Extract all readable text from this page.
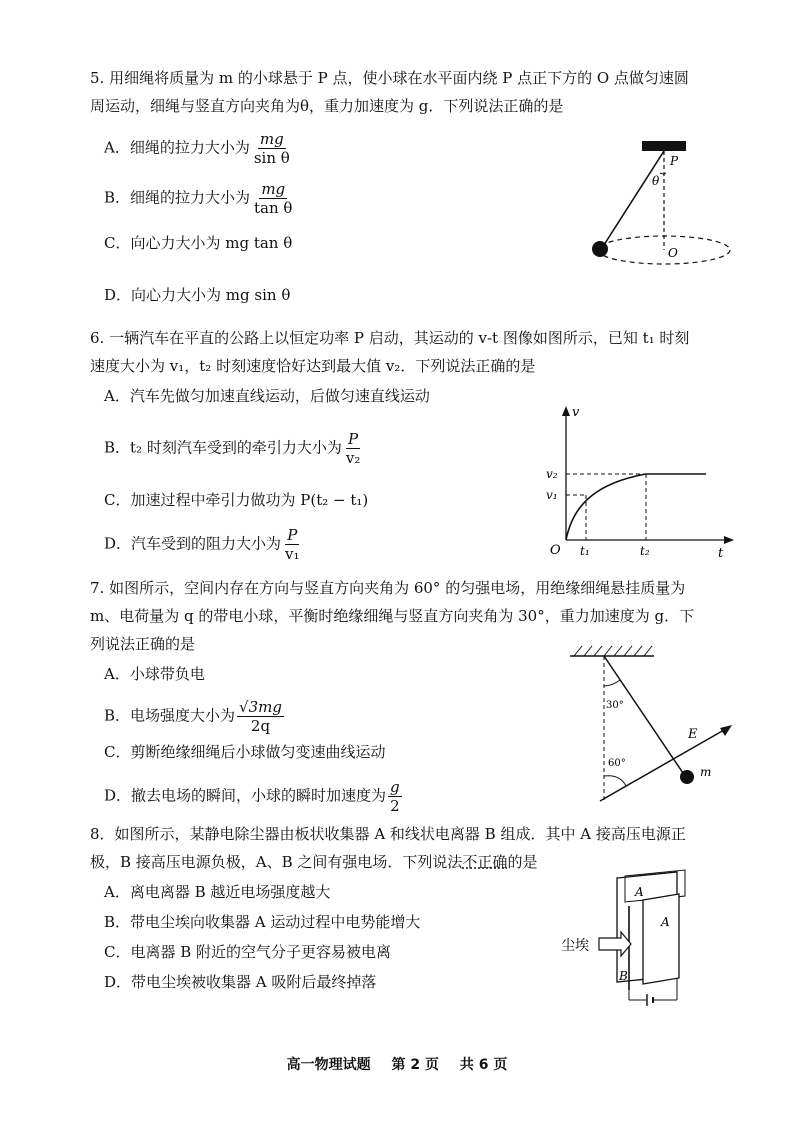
5. 用细绳将质量为 m 的小球悬于 P 点，使小球在水平面内绕 P 点正下方的 O 点做匀速圆
周运动，细绳与竖直方向夹角为θ，重力加速度为 g．下列说法正确的是
A．细绳的拉力大小为 $\frac{mg}{\text{sin θ}}$
B．细绳的拉力大小为 $\frac{mg}{\text{tan θ}}$
C．向心力大小为 mg tan θ
D．向心力大小为 mg sin θ
P
θ
O
6. 一辆汽车在平直的公路上以恒定功率 P 启动，其运动的 v-t 图像如图所示，已知 t₁ 时刻
速度大小为 v₁，t₂ 时刻速度恰好达到最大值 v₂．下列说法正确的是
A．汽车先做匀加速直线运动，后做匀速直线运动
B．t₂ 时刻汽车受到的牵引力大小为 $\frac{P}{\text{v₂}}$
C．加速过程中牵引力做功为 P(t₂ − t₁)
D．汽车受到的阻力大小为 $\frac{P}{\text{v₁}}$
v
v₂
v₁
O t₁	t₂	t
7. 如图所示，空间内存在方向与竖直方向夹角为 60° 的匀强电场，用绝缘细绳悬挂质量为
m、电荷量为 q 的带电小球，平衡时绝缘细绳与竖直方向夹角为 30°，重力加速度为 g．下
列说法正确的是
A．小球带负电
B．电场强度大小为 $\frac{√3mg}{2q}$
C．剪断绝缘细绳后小球做匀变速曲线运动
D．撤去电场的瞬间，小球的瞬时加速度为 $\frac{g}{2}$
30°
60°
E
m
8．如图所示，某静电除尘器由板状收集器 A 和线状电离器 B 组成．其中 A 接高压电源正
极，B 接高压电源负极，A、B 之间有强电场．下列说法不正确的是
A．离电离器 B 越近电场强度越大
B．带电尘埃向收集器 A 运动过程中电势能增大
C．电离器 B 附近的空气分子更容易被电离
D．带电尘埃被收集器 A 吸附后最终掉落
A
A
尘埃
B
高一物理试题 第 2 页 共 6 页
